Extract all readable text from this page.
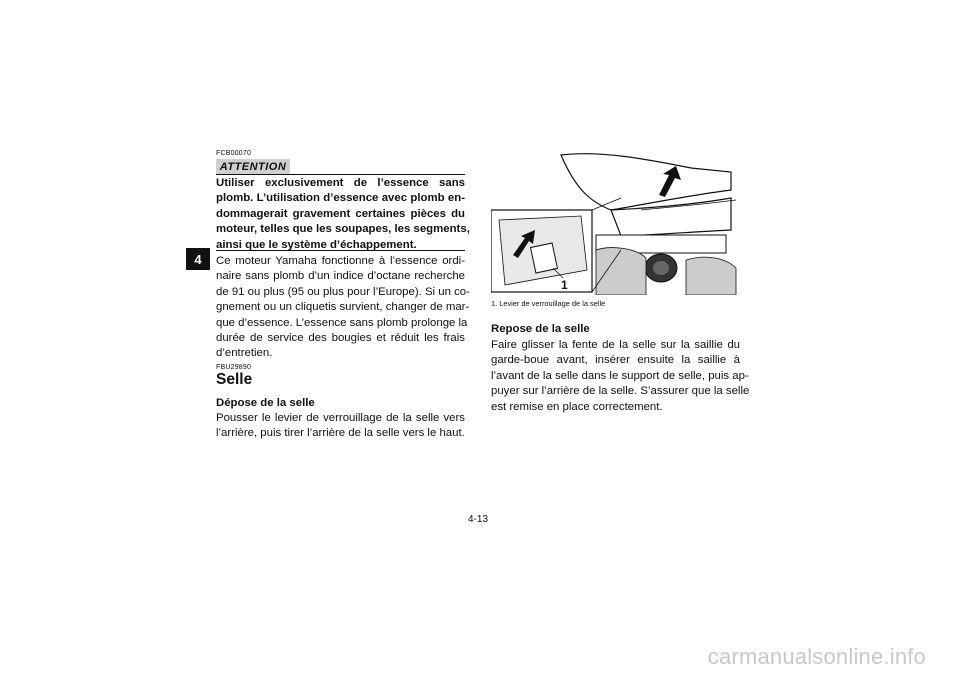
4
FCB00070
ATTENTION
Utiliser exclusivement de l’essence sans
plomb. L’utilisation d’essence avec plomb en-
dommagerait gravement certaines pièces du
moteur, telles que les soupapes, les segments,
ainsi que le système d’échappement.
Ce moteur Yamaha fonctionne à l’essence ordi-
naire sans plomb d’un indice d’octane recherche
de 91 ou plus (95 ou plus pour l’Europe). Si un co-
gnement ou un cliquetis survient, changer de mar-
que d’essence. L’essence sans plomb prolonge la
durée de service des bougies et réduit les frais
d’entretien.
FBU29890
Selle
Dépose de la selle
Pousser le levier de verrouillage de la selle vers
l’arrière, puis tirer l’arrière de la selle vers le haut.
1
1. Levier de verrouillage de la selle
Repose de la selle
Faire glisser la fente de la selle sur la saillie du
garde-boue avant, insérer ensuite la saillie à
l’avant de la selle dans le support de selle, puis ap-
puyer sur l’arrière de la selle. S’assurer que la selle
est remise en place correctement.
4-13
carmanualsonline.info
